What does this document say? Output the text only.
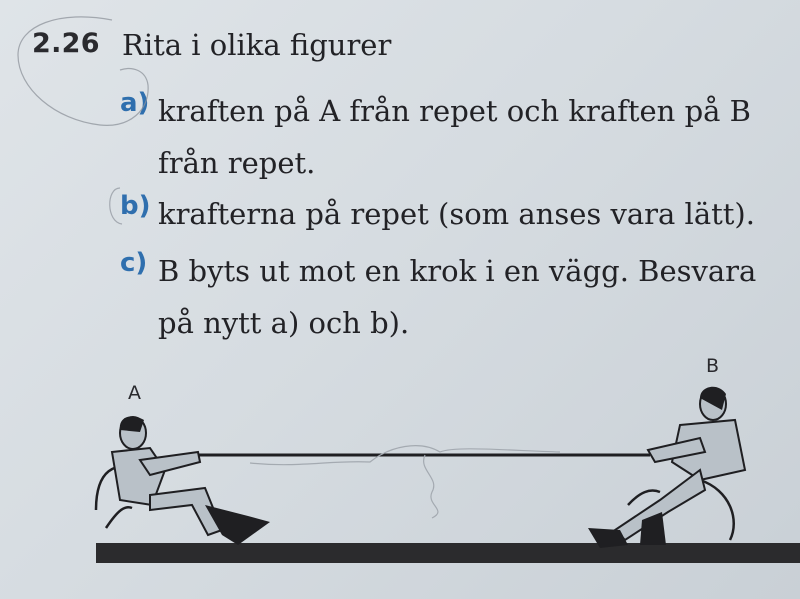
2.26 Rita i olika figurer
a) kraften på A från repet och kraften på B
från repet.
b) krafterna på repet (som anses vara lätt).
c) B byts ut mot en krok i en vägg. Besvara
på nytt a) och b).
A
B
